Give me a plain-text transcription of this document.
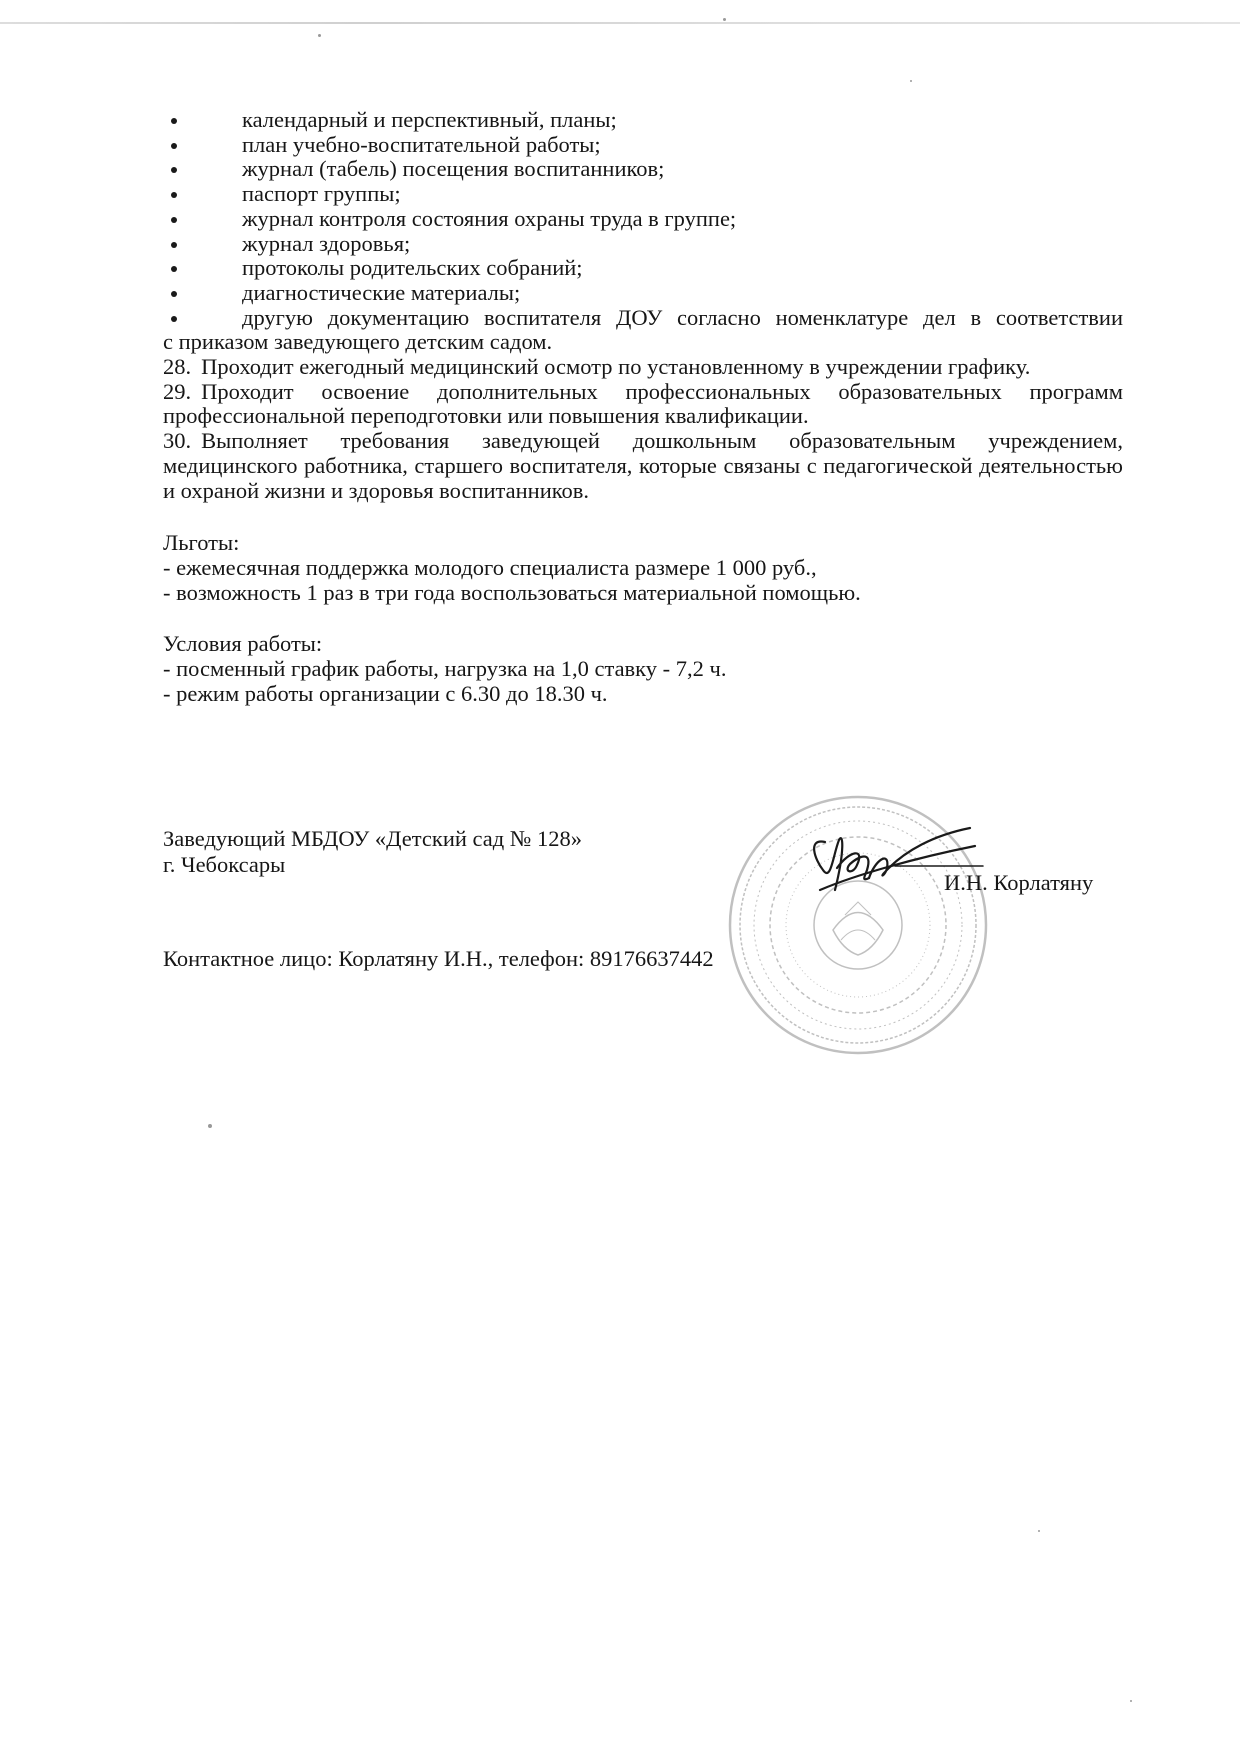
календарный и перспективный, планы;
план учебно-воспитательной работы;
журнал (табель) посещения воспитанников;
паспорт группы;
журнал контроля состояния охраны труда в группе;
журнал здоровья;
протоколы родительских собраний;
диагностические материалы;
другую документацию воспитателя ДОУ согласно номенклатуре дел в соответствии
с приказом заведующего детским садом.
28. Проходит ежегодный медицинский осмотр по установленному в учреждении графику.
29. Проходит освоение дополнительных профессиональных образовательных программ профессиональной переподготовки или повышения квалификации.
30. Выполняет требования заведующей дошкольным образовательным учреждением, медицинского работника, старшего воспитателя, которые связаны с педагогической деятельностью и охраной жизни и здоровья воспитанников.
Льготы:
- ежемесячная поддержка молодого специалиста размере 1 000 руб.,
- возможность 1 раз в три года воспользоваться материальной помощью.
Условия работы:
- посменный график работы, нагрузка на 1,0 ставку - 7,2 ч.
- режим работы организации с 6.30 до 18.30 ч.
Заведующий МБДОУ «Детский сад № 128»
г. Чебоксары
И.Н. Корлатяну
Контактное лицо: Корлатяну И.Н., телефон: 89176637442
